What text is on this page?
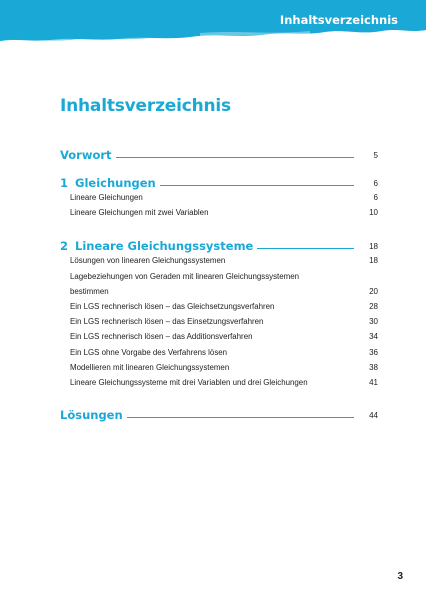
Inhaltsverzeichnis
Inhaltsverzeichnis
Vorwort	5
1 Gleichungen	6
Lineare Gleichungen	6
Lineare Gleichungen mit zwei Variablen	10
2 Lineare Gleichungssysteme	18
Lösungen von linearen Gleichungssystemen	18
Lagebeziehungen von Geraden mit linearen Gleichungssystemen
bestimmen	20
Ein LGS rechnerisch lösen – das Gleichsetzungsverfahren	28
Ein LGS rechnerisch lösen – das Einsetzungsverfahren	30
Ein LGS rechnerisch lösen – das Additionsverfahren	34
Ein LGS ohne Vorgabe des Verfahrens lösen	36
Modellieren mit linearen Gleichungssystemen	38
Lineare Gleichungssysteme mit drei Variablen und drei Gleichungen	41
Lösungen	44
3
